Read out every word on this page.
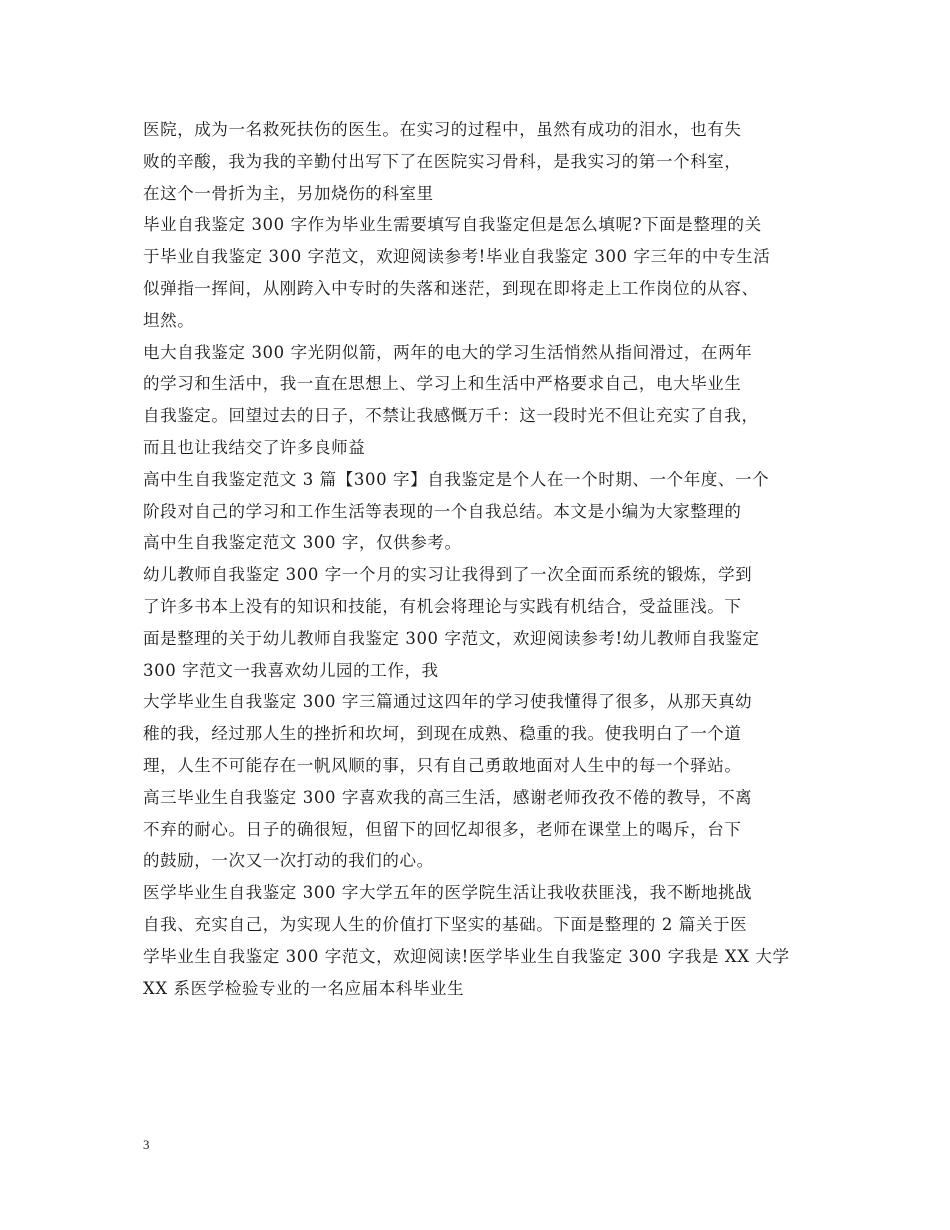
医院，成为一名救死扶伤的医生。在实习的过程中，虽然有成功的泪水，也有失
败的辛酸，我为我的辛勤付出写下了在医院实习骨科，是我实习的第一个科室，
在这个一骨折为主，另加烧伤的科室里
毕业自我鉴定 300 字作为毕业生需要填写自我鉴定但是怎么填呢?下面是整理的关
于毕业自我鉴定 300 字范文，欢迎阅读参考!毕业自我鉴定 300 字三年的中专生活
似弹指一挥间，从刚跨入中专时的失落和迷茫，到现在即将走上工作岗位的从容、
坦然。
电大自我鉴定 300 字光阴似箭，两年的电大的学习生活悄然从指间滑过，在两年
的学习和生活中，我一直在思想上、学习上和生活中严格要求自己，电大毕业生
自我鉴定。回望过去的日子，不禁让我感慨万千：这一段时光不但让充实了自我，
而且也让我结交了许多良师益
高中生自我鉴定范文 3 篇【300 字】自我鉴定是个人在一个时期、一个年度、一个
阶段对自己的学习和工作生活等表现的一个自我总结。本文是小编为大家整理的
高中生自我鉴定范文 300 字，仅供参考。
幼儿教师自我鉴定 300 字一个月的实习让我得到了一次全面而系统的锻炼，学到
了许多书本上没有的知识和技能，有机会将理论与实践有机结合，受益匪浅。下
面是整理的关于幼儿教师自我鉴定 300 字范文，欢迎阅读参考!幼儿教师自我鉴定
300 字范文一我喜欢幼儿园的工作，我
大学毕业生自我鉴定 300 字三篇通过这四年的学习使我懂得了很多，从那天真幼
稚的我，经过那人生的挫折和坎坷，到现在成熟、稳重的我。使我明白了一个道
理，人生不可能存在一帆风顺的事，只有自己勇敢地面对人生中的每一个驿站。
高三毕业生自我鉴定 300 字喜欢我的高三生活，感谢老师孜孜不倦的教导，不离
不弃的耐心。日子的确很短，但留下的回忆却很多，老师在课堂上的喝斥，台下
的鼓励，一次又一次打动的我们的心。
医学毕业生自我鉴定 300 字大学五年的医学院生活让我收获匪浅，我不断地挑战
自我、充实自己，为实现人生的价值打下坚实的基础。下面是整理的 2 篇关于医
学毕业生自我鉴定 300 字范文，欢迎阅读!医学毕业生自我鉴定 300 字我是 XX 大学
XX 系医学检验专业的一名应届本科毕业生
3
